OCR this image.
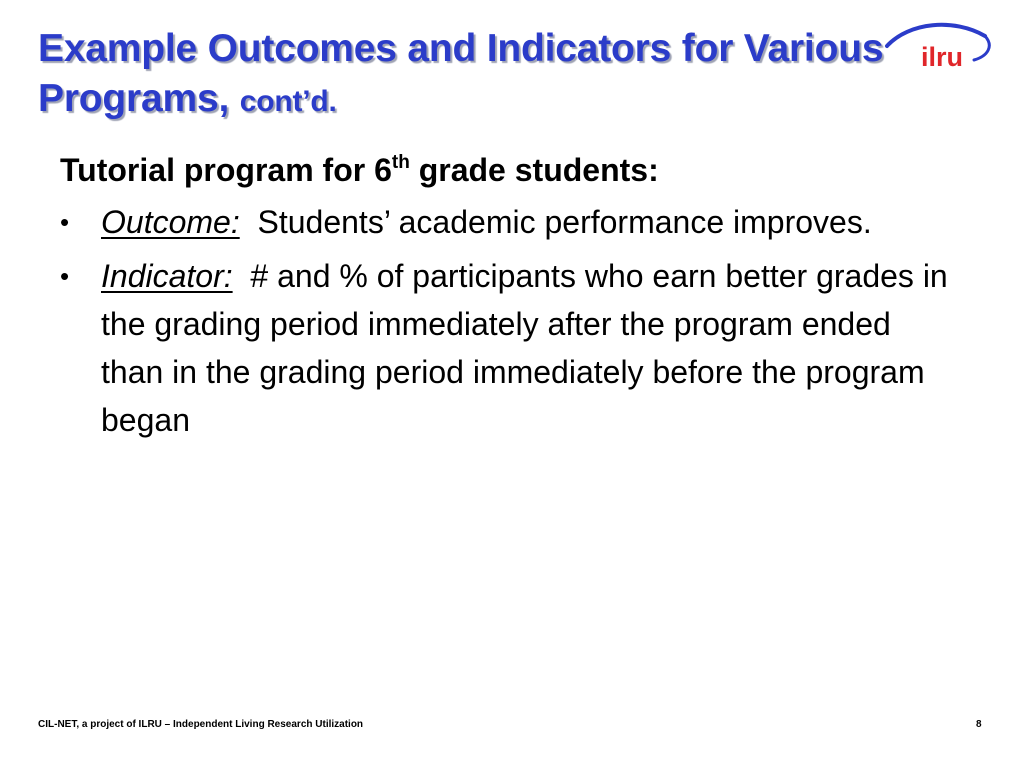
Example Outcomes and Indicators for Various Programs, cont’d.
ilru
Tutorial program for 6th grade students:
• Outcome: Students’ academic performance improves.
• Indicator: # and % of participants who earn better grades in the grading period immediately after the program ended than in the grading period immediately before the program began
CIL-NET, a project of ILRU – Independent Living Research Utilization	8
